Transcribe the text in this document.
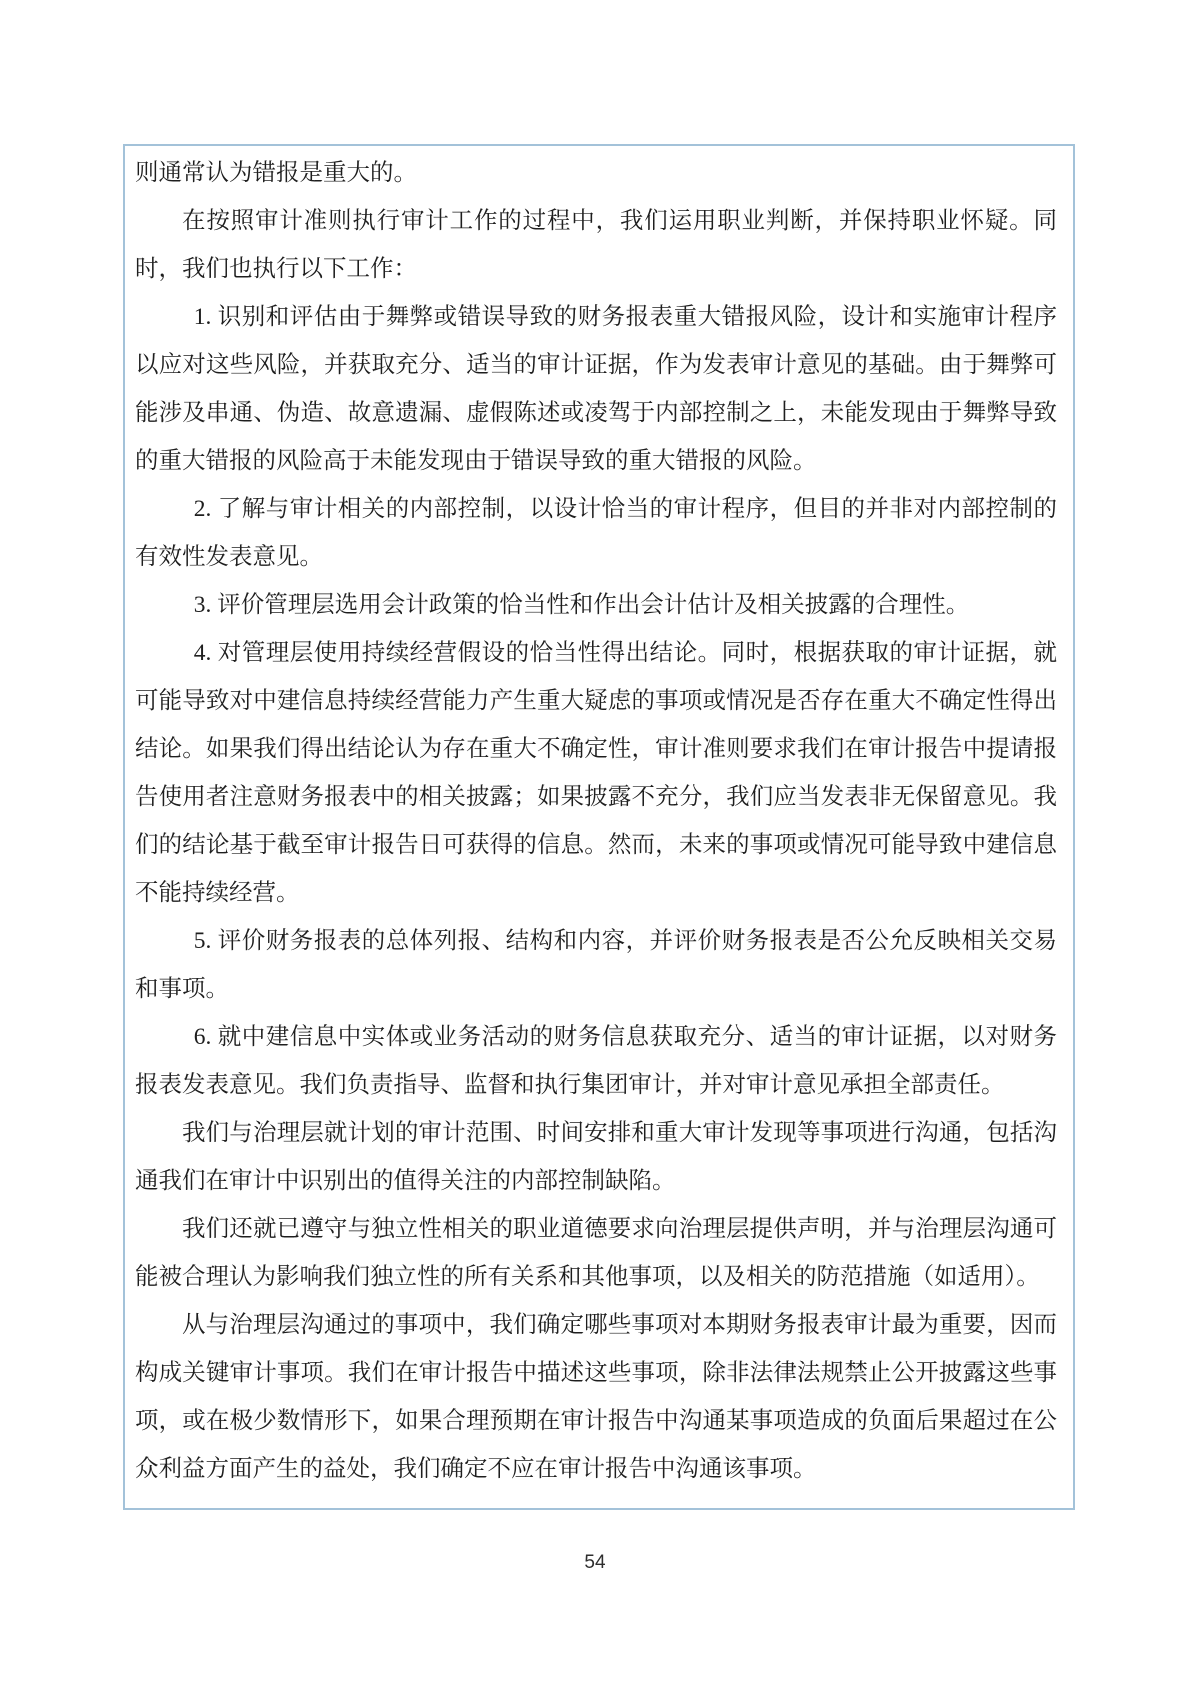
则通常认为错报是重大的。

在按照审计准则执行审计工作的过程中，我们运用职业判断，并保持职业怀疑。同时，我们也执行以下工作：

1. 识别和评估由于舞弊或错误导致的财务报表重大错报风险，设计和实施审计程序以应对这些风险，并获取充分、适当的审计证据，作为发表审计意见的基础。由于舞弊可能涉及串通、伪造、故意遗漏、虚假陈述或凌驾于内部控制之上，未能发现由于舞弊导致的重大错报的风险高于未能发现由于错误导致的重大错报的风险。

2. 了解与审计相关的内部控制，以设计恰当的审计程序，但目的并非对内部控制的有效性发表意见。

3. 评价管理层选用会计政策的恰当性和作出会计估计及相关披露的合理性。

4. 对管理层使用持续经营假设的恰当性得出结论。同时，根据获取的审计证据，就可能导致对中建信息持续经营能力产生重大疑虑的事项或情况是否存在重大不确定性得出结论。如果我们得出结论认为存在重大不确定性，审计准则要求我们在审计报告中提请报告使用者注意财务报表中的相关披露；如果披露不充分，我们应当发表非无保留意见。我们的结论基于截至审计报告日可获得的信息。然而，未来的事项或情况可能导致中建信息不能持续经营。

5. 评价财务报表的总体列报、结构和内容，并评价财务报表是否公允反映相关交易和事项。

6. 就中建信息中实体或业务活动的财务信息获取充分、适当的审计证据，以对财务报表发表意见。我们负责指导、监督和执行集团审计，并对审计意见承担全部责任。

我们与治理层就计划的审计范围、时间安排和重大审计发现等事项进行沟通，包括沟通我们在审计中识别出的值得关注的内部控制缺陷。

我们还就已遵守与独立性相关的职业道德要求向治理层提供声明，并与治理层沟通可能被合理认为影响我们独立性的所有关系和其他事项，以及相关的防范措施（如适用）。

从与治理层沟通过的事项中，我们确定哪些事项对本期财务报表审计最为重要，因而构成关键审计事项。我们在审计报告中描述这些事项，除非法律法规禁止公开披露这些事项，或在极少数情形下，如果合理预期在审计报告中沟通某事项造成的负面后果超过在公众利益方面产生的益处，我们确定不应在审计报告中沟通该事项。

54
